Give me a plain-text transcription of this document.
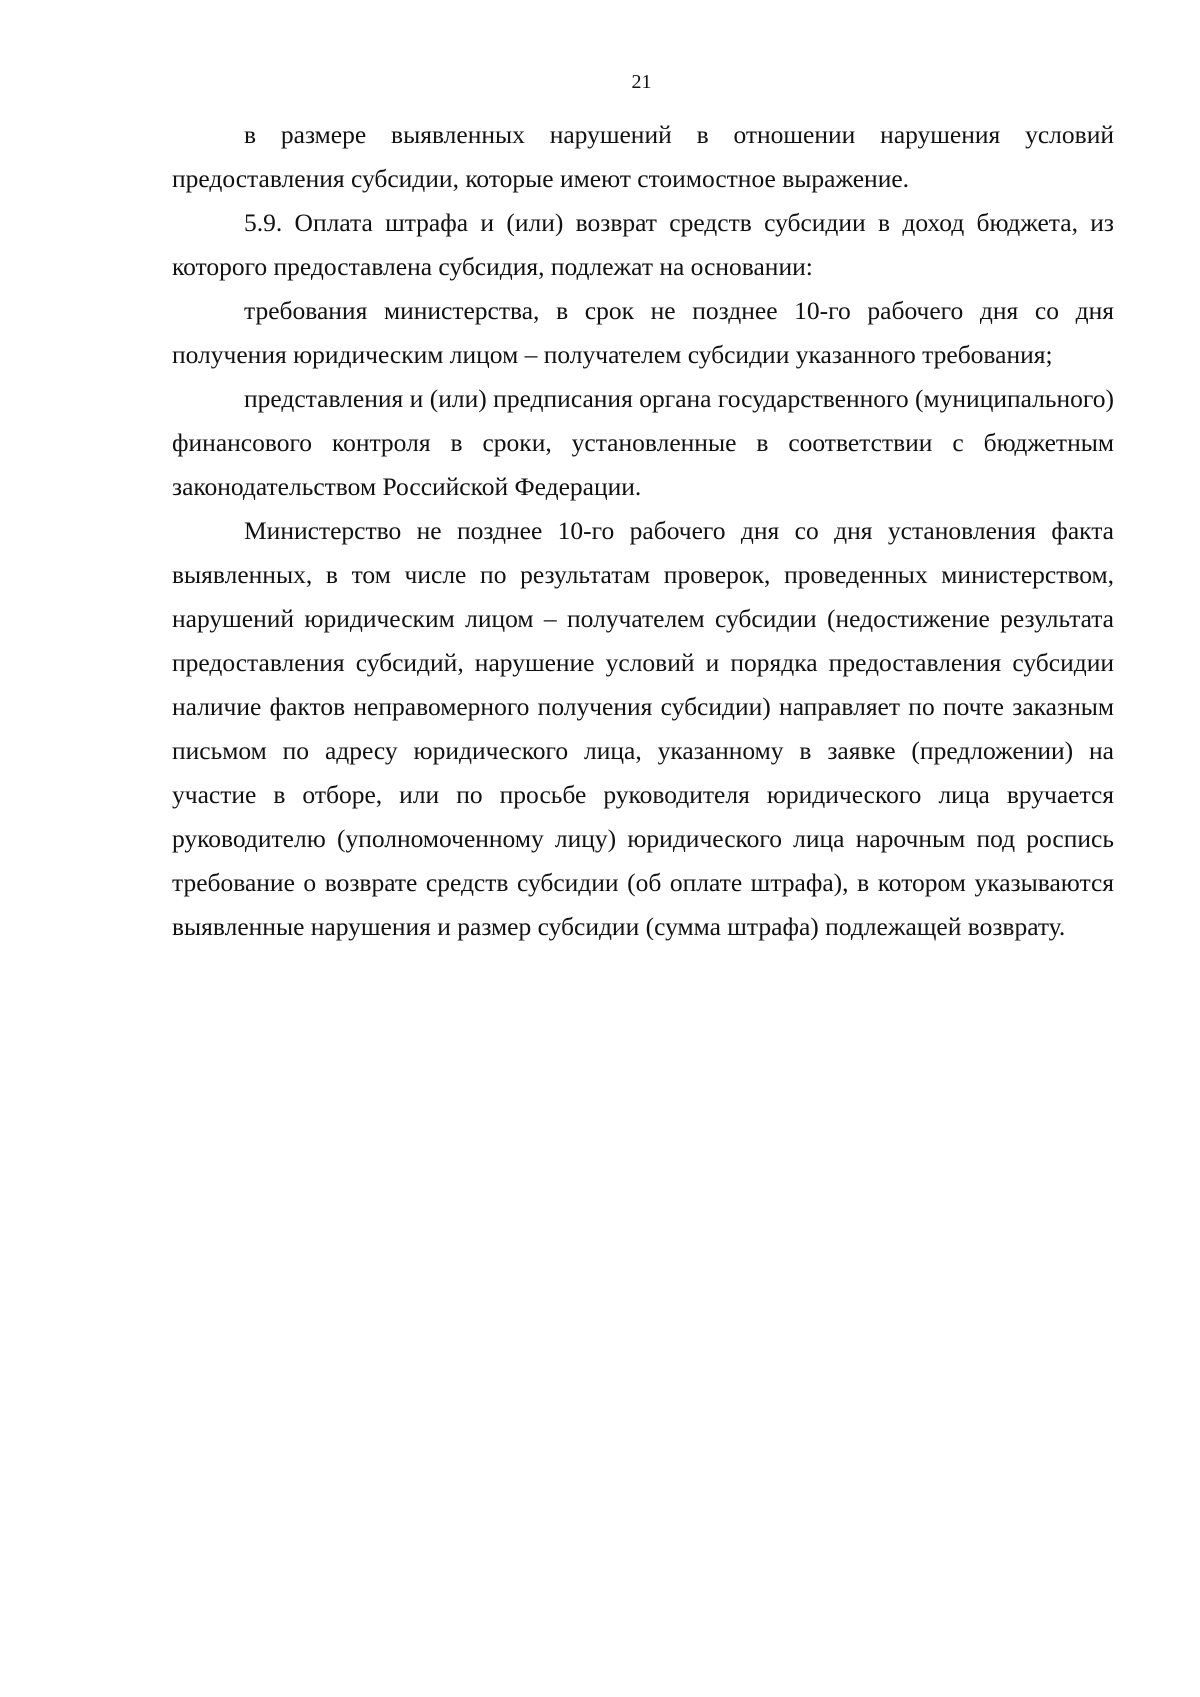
21

в размере выявленных нарушений в отношении нарушения условий предоставления субсидии, которые имеют стоимостное выражение.

5.9. Оплата штрафа и (или) возврат средств субсидии в доход бюджета, из которого предоставлена субсидия, подлежат на основании:

требования министерства, в срок не позднее 10-го рабочего дня со дня получения юридическим лицом – получателем субсидии указанного требования;

представления и (или) предписания органа государственного (муниципального) финансового контроля в сроки, установленные в соответствии с бюджетным законодательством Российской Федерации.

Министерство не позднее 10-го рабочего дня со дня установления факта выявленных, в том числе по результатам проверок, проведенных министерством, нарушений юридическим лицом – получателем субсидии (недостижение результата предоставления субсидий, нарушение условий и порядка предоставления субсидии наличие фактов неправомерного получения субсидии) направляет по почте заказным письмом по адресу юридического лица, указанному в заявке (предложении) на участие в отборе, или по просьбе руководителя юридического лица вручается руководителю (уполномоченному лицу) юридического лица нарочным под роспись требование о возврате средств субсидии (об оплате штрафа), в котором указываются выявленные нарушения и размер субсидии (сумма штрафа) подлежащей возврату.
